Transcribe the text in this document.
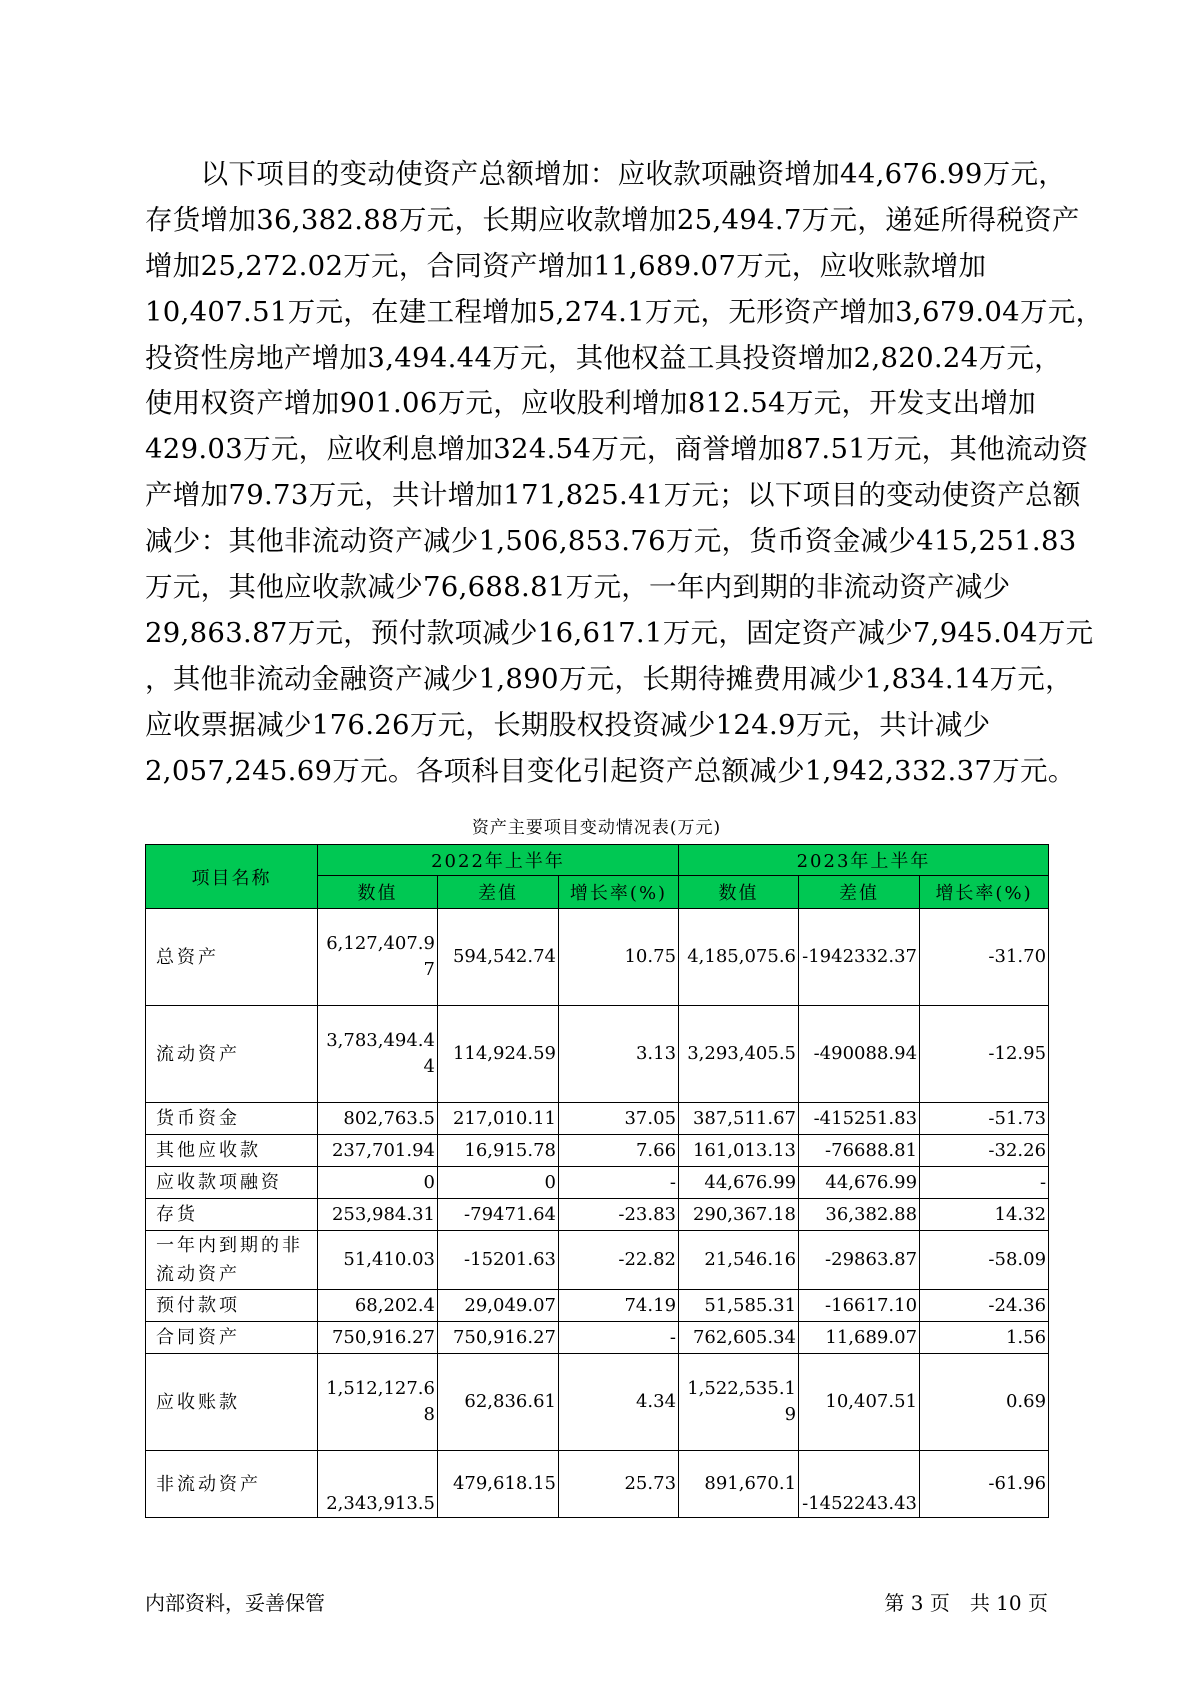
　　以下项目的变动使资产总额增加：应收款项融资增加44,676.99万元，
存货增加36,382.88万元，长期应收款增加25,494.7万元，递延所得税资产
增加25,272.02万元，合同资产增加11,689.07万元，应收账款增加
10,407.51万元，在建工程增加5,274.1万元，无形资产增加3,679.04万元，
投资性房地产增加3,494.44万元，其他权益工具投资增加2,820.24万元，
使用权资产增加901.06万元，应收股利增加812.54万元，开发支出增加
429.03万元，应收利息增加324.54万元，商誉增加87.51万元，其他流动资
产增加79.73万元，共计增加171,825.41万元；以下项目的变动使资产总额
减少：其他非流动资产减少1,506,853.76万元，货币资金减少415,251.83
万元，其他应收款减少76,688.81万元，一年内到期的非流动资产减少
29,863.87万元，预付款项减少16,617.1万元，固定资产减少7,945.04万元
，其他非流动金融资产减少1,890万元，长期待摊费用减少1,834.14万元，
应收票据减少176.26万元，长期股权投资减少124.9万元，共计减少
2,057,245.69万元。各项科目变化引起资产总额减少1,942,332.37万元。

资产主要项目变动情况表(万元)
项目名称	2022年上半年			2023年上半年		
	数值	差值	增长率(%)	数值	差值	增长率(%)
总资产	6,127,407.97	594,542.74	10.75	4,185,075.6	-1942332.37	-31.70
流动资产	3,783,494.44	114,924.59	3.13	3,293,405.5	-490088.94	-12.95
货币资金	802,763.5	217,010.11	37.05	387,511.67	-415251.83	-51.73
其他应收款	237,701.94	16,915.78	7.66	161,013.13	-76688.81	-32.26
应收款项融资	0	0	-	44,676.99	44,676.99	-
存货	253,984.31	-79471.64	-23.83	290,367.18	36,382.88	14.32
一年内到期的非流动资产	51,410.03	-15201.63	-22.82	21,546.16	-29863.87	-58.09
预付款项	68,202.4	29,049.07	74.19	51,585.31	-16617.10	-24.36
合同资产	750,916.27	750,916.27	-	762,605.34	11,689.07	1.56
应收账款	1,512,127.68	62,836.61	4.34	1,522,535.19	10,407.51	0.69
非流动资产	2,343,913.5	479,618.15	25.73	891,670.1	-1452243.43	-61.96
内部资料，妥善保管	第 3 页　共 10 页
